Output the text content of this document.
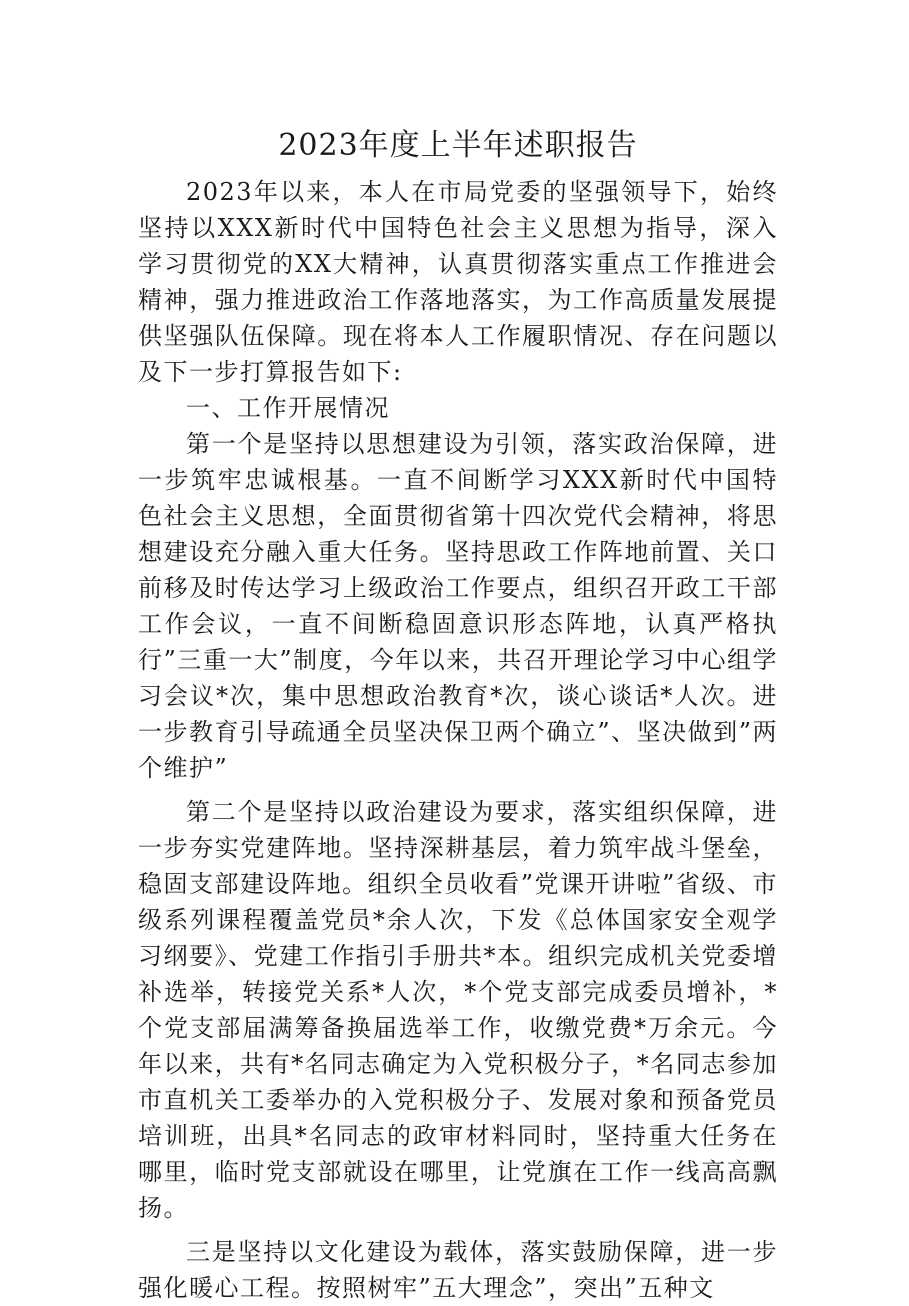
2023年度上半年述职报告

2023年以来，本人在市局党委的坚强领导下，始终坚持以XXX新时代中国特色社会主义思想为指导，深入学习贯彻党的XX大精神，认真贯彻落实重点工作推进会精神，强力推进政治工作落地落实，为工作高质量发展提供坚强队伍保障。现在将本人工作履职情况、存在问题以及下一步打算报告如下:

一、工作开展情况

第一个是坚持以思想建设为引领，落实政治保障，进一步筑牢忠诚根基。一直不间断学习XXX新时代中国特色社会主义思想，全面贯彻省第十四次党代会精神，将思想建设充分融入重大任务。坚持思政工作阵地前置、关口前移及时传达学习上级政治工作要点，组织召开政工干部工作会议，一直不间断稳固意识形态阵地，认真严格执行”三重一大”制度，今年以来，共召开理论学习中心组学习会议*次，集中思想政治教育*次，谈心谈话*人次。进一步教育引导疏通全员坚决保卫两个确立”、坚决做到”两个维护”

第二个是坚持以政治建设为要求，落实组织保障，进一步夯实党建阵地。坚持深耕基层，着力筑牢战斗堡垒，稳固支部建设阵地。组织全员收看”党课开讲啦”省级、市级系列课程覆盖党员*余人次，下发《总体国家安全观学习纲要》、党建工作指引手册共*本。组织完成机关党委增补选举，转接党关系*人次，*个党支部完成委员增补，*个党支部届满筹备换届选举工作，收缴党费*万余元。今年以来，共有*名同志确定为入党积极分子，*名同志参加市直机关工委举办的入党积极分子、发展对象和预备党员培训班，出具*名同志的政审材料同时，坚持重大任务在哪里，临时党支部就设在哪里，让党旗在工作一线高高飘扬。

三是坚持以文化建设为载体，落实鼓励保障，进一步强化暖心工程。按照树牢”五大理念”，突出”五种文
